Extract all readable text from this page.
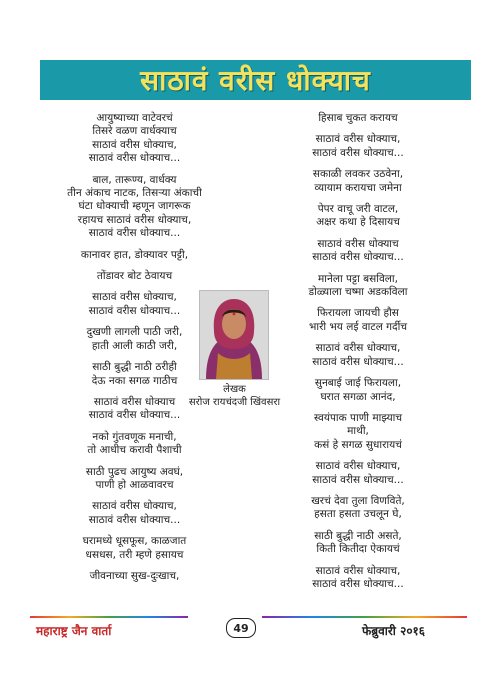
साठावं वरीस धोक्याच
आयुष्याच्या वाटेवरचं
तिसरे वळण वार्धक्याच
साठावं वरीस धोक्याच,
साठावं वरीस धोक्याच...
बाल, तारूण्य, वार्धक्य
तीन अंकाच नाटक, तिसऱ्या अंकाची
घंटा धोक्याची म्हणून जागरूक
रहायच साठावं वरीस धोक्याच,
साठावं वरीस धोक्याच...
कानावर हात, डोक्यावर पट्टी,
तोंडावर बोट ठेवायच
साठावं वरीस धोक्याच,
साठावं वरीस धोक्याच...
दुखणी लागली पाठी जरी,
हाती आली काठी जरी,
साठी बुद्धी नाठी ठरीही
देऊ नका सगळ गाठीच
साठावं वरीस धोक्याच
साठावं वरीस धोक्याच...
नको गुंतवणूक मनाची,
तो आधीच करावी पैशाची
साठी पुढच आयुष्य अवघं,
पाणी हो आळवावरच
साठावं वरीस धोक्याच,
साठावं वरीस धोक्याच...
घरामध्ये धूसफूस, काळजात
धसधस, तरी म्हणे हसायच
जीवनाच्या सुख-दुःखाच,
हिसाब चुकत करायच
साठावं वरीस धोक्याच,
साठावं वरीस धोक्याच...
सकाळी लवकर उठवेना,
व्यायाम करायचा जमेना
पेपर वाचू जरी वाटल,
अक्षर कथा हे दिसायच
साठावं वरीस धोक्याच
साठावं वरीस धोक्याच...
मानेला पट्टा बसविला,
डोळ्याला चष्मा अडकविला
फिरायला जायची हौस
भारी भय लई वाटल गर्दीच
साठावं वरीस धोक्याच,
साठावं वरीस धोक्याच...
सुनबाई जाई फिरायला,
घरात सगळा आनंद,
स्वयंपाक पाणी माझ्याच
माथी,
कसं हे सगळ सुधारायचं
साठावं वरीस धोक्याच,
साठावं वरीस धोक्याच...
खरचं देवा तुला विणविते,
हसता हसता उचलून घे,
साठी बुद्धी नाठी असते,
किती कितीदा ऐकायचं
साठावं वरीस धोक्याच,
साठावं वरीस धोक्याच...
लेखक
सरोज रायचंदजी खिंवसरा
महाराष्ट्र जैन वार्ता	49	फेब्रुवारी २०१६
